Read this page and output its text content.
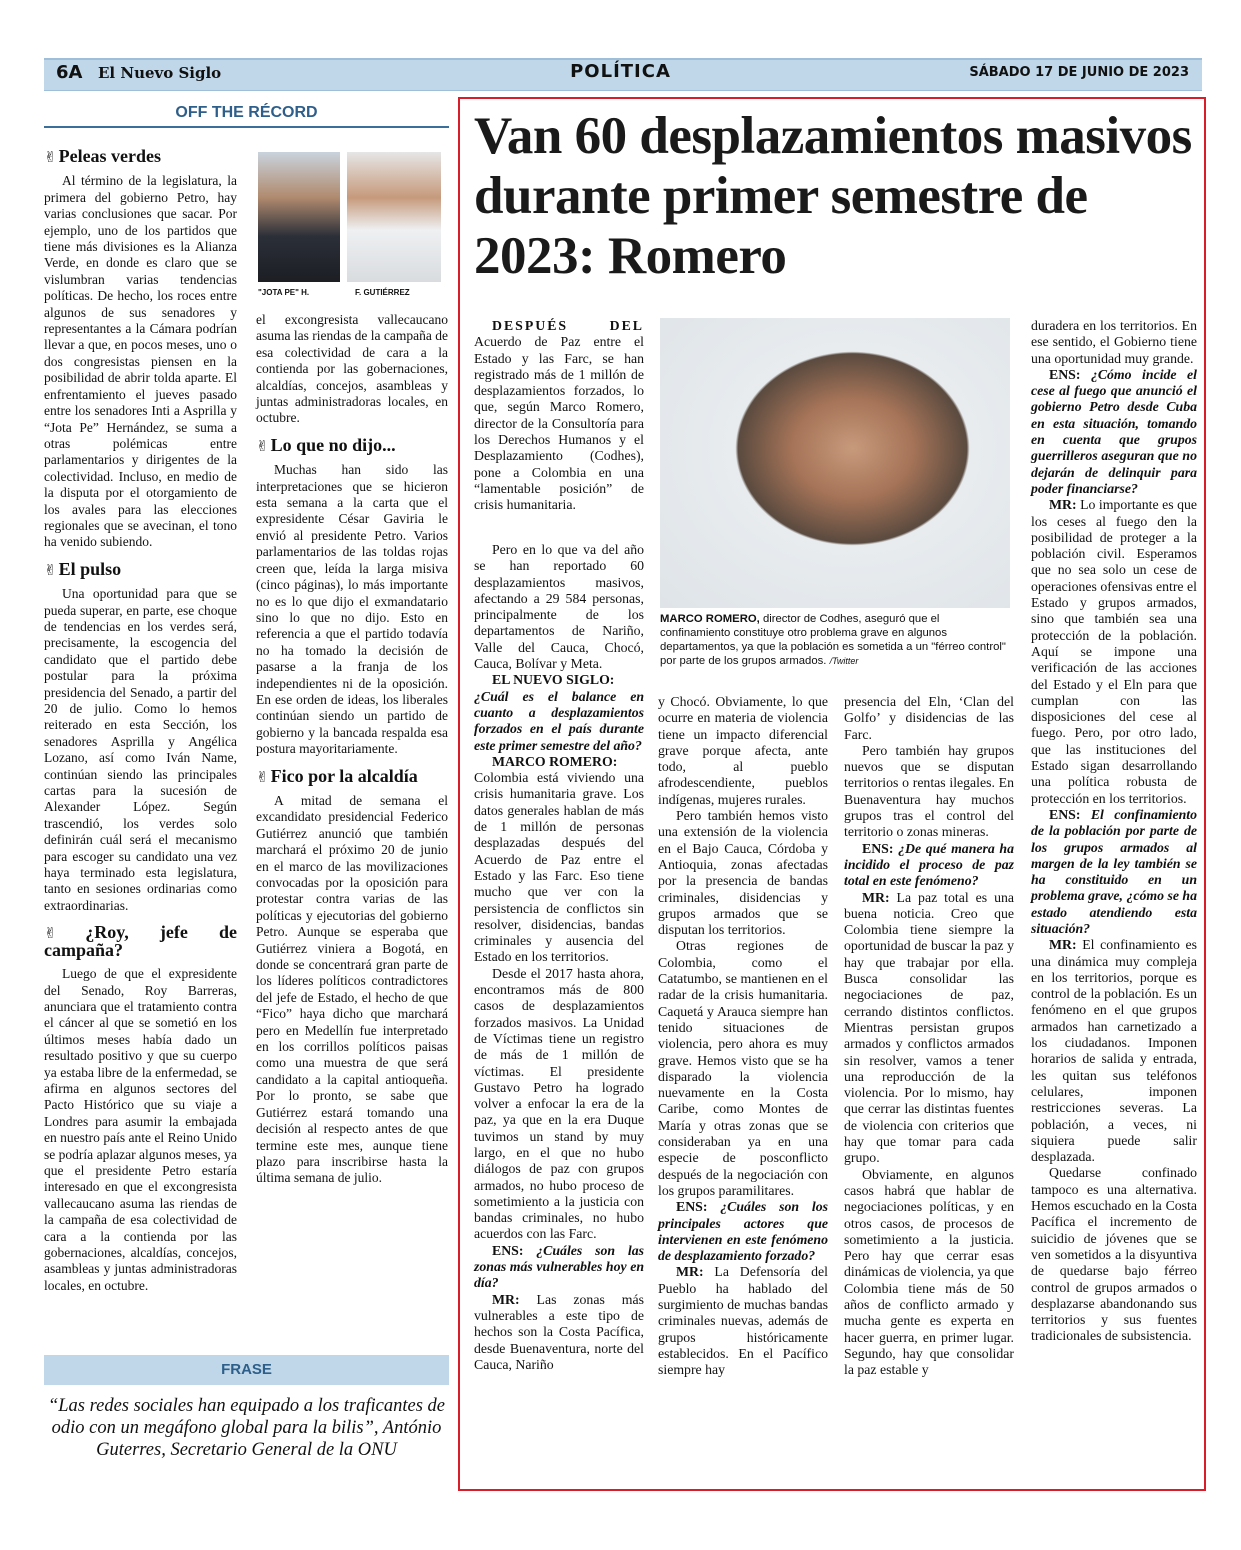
6A El Nuevo Siglo	POLÍTICA	SÁBADO 17 DE JUNIO DE 2023
OFF THE RÉCORD
"JOTA PE" H.	F. GUTIÉRREZ
✌ Peleas verdes

Al término de la legislatura, la primera del gobierno Petro, hay varias conclusiones que sacar. Por ejemplo, uno de los partidos que tiene más divisiones es la Alianza Verde, en donde es claro que se vislumbran varias tendencias políticas. De hecho, los roces entre algunos de sus senadores y representantes a la Cámara podrían llevar a que, en pocos meses, uno o dos congresistas piensen en la posibilidad de abrir tolda aparte. El enfrentamiento el jueves pasado entre los senadores Inti a Asprilla y “Jota Pe” Hernández, se suma a otras polémicas entre parlamentarios y dirigentes de la colectividad. Incluso, en medio de la disputa por el otorgamiento de los avales para las elecciones regionales que se avecinan, el tono ha venido subiendo.

✌ El pulso

Una oportunidad para que se pueda superar, en parte, ese choque de tendencias en los verdes será, precisamente, la escogencia del candidato que el partido debe postular para la próxima presidencia del Senado, a partir del 20 de julio. Como lo hemos reiterado en esta Sección, los senadores Asprilla y Angélica Lozano, así como Iván Name, continúan siendo las principales cartas para la sucesión de Alexander López. Según trascendió, los verdes solo definirán cuál será el mecanismo para escoger su candidato una vez haya terminado esta legislatura, tanto en sesiones ordinarias como extraordinarias.

✌ ¿Roy, jefe de campaña?

Luego de que el expresidente del Senado, Roy Barreras, anunciara que el tratamiento contra el cáncer al que se sometió en los últimos meses había dado un resultado positivo y que su cuerpo ya estaba libre de la enfermedad, se afirma en algunos sectores del Pacto Histórico que su viaje a Londres para asumir la embajada en nuestro país ante el Reino Unido se podría aplazar algunos meses, ya que el presidente Petro estaría interesado en que el excongresista vallecaucano asuma las riendas de la campaña de esa colectividad de cara a la contienda por las gobernaciones, alcaldías, concejos, asambleas y juntas administradoras locales, en octubre.

el excongresista vallecaucano asuma las riendas de la campaña de esa colectividad de cara a la contienda por las gobernaciones, alcaldías, concejos, asambleas y juntas administradoras locales, en octubre.

✌ Lo que no dijo...

Muchas han sido las interpretaciones que se hicieron esta semana a la carta que el expresidente César Gaviria le envió al presidente Petro. Varios parlamentarios de las toldas rojas creen que, leída la larga misiva (cinco páginas), lo más importante no es lo que dijo el exmandatario sino lo que no dijo. Esto en referencia a que el partido todavía no ha tomado la decisión de pasarse a la franja de los independientes ni de la oposición. En ese orden de ideas, los liberales continúan siendo un partido de gobierno y la bancada respalda esa postura mayoritariamente.

✌ Fico por la alcaldía

A mitad de semana el excandidato presidencial Federico Gutiérrez anunció que también marchará el próximo 20 de junio en el marco de las movilizaciones convocadas por la oposición para protestar contra varias de las políticas y ejecutorias del gobierno Petro. Aunque se esperaba que Gutiérrez viniera a Bogotá, en donde se concentrará gran parte de los líderes políticos contradictores del jefe de Estado, el hecho de que “Fico” haya dicho que marchará pero en Medellín fue interpretado en los corrillos políticos paisas como una muestra de que será candidato a la capital antioqueña. Por lo pronto, se sabe que Gutiérrez estará tomando una decisión al respecto antes de que termine este mes, aunque tiene plazo para inscribirse hasta la última semana de julio.

FRASE
“Las redes sociales han equipado a los traficantes de odio con un megáfono global para la bilis”, António Guterres, Secretario General de la ONU
Van 60 desplazamientos masivos durante primer semestre de 2023: Romero
MARCO ROMERO, director de Codhes, aseguró que el confinamiento constituye otro problema grave en algunos departamentos, ya que la población es sometida a un "férreo control" por parte de los grupos armados. /Twitter

DESPUÉS DEL Acuerdo de Paz entre el Estado y las Farc, se han registrado más de 1 millón de desplazamientos forzados, lo que, según Marco Romero, director de la Consultoría para los Derechos Humanos y el Desplazamiento (Codhes), pone a Colombia en una “lamentable posición” de crisis humanitaria.

Pero en lo que va del año se han reportado 60 desplazamientos masivos, afectando a 29 584 personas, principalmente de los departamentos de Nariño, Valle del Cauca, Chocó, Cauca, Bolívar y Meta.

EL NUEVO SIGLO:

¿Cuál es el balance en cuanto a desplazamientos forzados en el país durante este primer semestre del año?

MARCO ROMERO:

Colombia está viviendo una crisis humanitaria grave. Los datos generales hablan de más de 1 millón de personas desplazadas después del Acuerdo de Paz entre el Estado y las Farc. Eso tiene mucho que ver con la persistencia de conflictos sin resolver, disidencias, bandas criminales y ausencia del Estado en los territorios.

Desde el 2017 hasta ahora, encontramos más de 800 casos de desplazamientos forzados masivos. La Unidad de Víctimas tiene un registro de más de 1 millón de víctimas. El presidente Gustavo Petro ha logrado volver a enfocar la era de la paz, ya que en la era Duque tuvimos un stand by muy largo, en el que no hubo diálogos de paz con grupos armados, no hubo proceso de sometimiento a la justicia con bandas criminales, no hubo acuerdos con las Farc.

ENS: ¿Cuáles son las zonas más vulnerables hoy en día?

MR: Las zonas más vulnerables a este tipo de hechos son la Costa Pacífica, desde Buenaventura, norte del Cauca, Nariño

y Chocó. Obviamente, lo que ocurre en materia de violencia tiene un impacto diferencial grave porque afecta, ante todo, al pueblo afrodescendiente, pueblos indígenas, mujeres rurales.

Pero también hemos visto una extensión de la violencia en el Bajo Cauca, Córdoba y Antioquia, zonas afectadas por la presencia de bandas criminales, disidencias y grupos armados que se disputan los territorios.

Otras regiones de Colombia, como el Catatumbo, se mantienen en el radar de la crisis humanitaria. Caquetá y Arauca siempre han tenido situaciones de violencia, pero ahora es muy grave. Hemos visto que se ha disparado la violencia nuevamente en la Costa Caribe, como Montes de María y otras zonas que se consideraban ya en una especie de posconflicto después de la negociación con los grupos paramilitares.

ENS: ¿Cuáles son los principales actores que intervienen en este fenómeno de desplazamiento forzado?

MR: La Defensoría del Pueblo ha hablado del surgimiento de muchas bandas criminales nuevas, además de grupos históricamente establecidos. En el Pacífico siempre hay

presencia del Eln, ‘Clan del Golfo’ y disidencias de las Farc.

Pero también hay grupos nuevos que se disputan territorios o rentas ilegales. En Buenaventura hay muchos grupos tras el control del territorio o zonas mineras.

ENS: ¿De qué manera ha incidido el proceso de paz total en este fenómeno?

MR: La paz total es una buena noticia. Creo que Colombia tiene siempre la oportunidad de buscar la paz y hay que trabajar por ella. Busca consolidar las negociaciones de paz, cerrando distintos conflictos. Mientras persistan grupos armados y conflictos armados sin resolver, vamos a tener una reproducción de la violencia. Por lo mismo, hay que cerrar las distintas fuentes de violencia con criterios que hay que tomar para cada grupo.

Obviamente, en algunos casos habrá que hablar de negociaciones políticas, y en otros casos, de procesos de sometimiento a la justicia. Pero hay que cerrar esas dinámicas de violencia, ya que Colombia tiene más de 50 años de conflicto armado y mucha gente es experta en hacer guerra, en primer lugar. Segundo, hay que consolidar la paz estable y

duradera en los territorios. En ese sentido, el Gobierno tiene una oportunidad muy grande.

ENS: ¿Cómo incide el cese al fuego que anunció el gobierno Petro desde Cuba en esta situación, tomando en cuenta que grupos guerrilleros aseguran que no dejarán de delinquir para poder financiarse?

MR: Lo importante es que los ceses al fuego den la posibilidad de proteger a la población civil. Esperamos que no sea solo un cese de operaciones ofensivas entre el Estado y grupos armados, sino que también sea una protección de la población. Aquí se impone una verificación de las acciones del Estado y el Eln para que cumplan con las disposiciones del cese al fuego. Pero, por otro lado, que las instituciones del Estado sigan desarrollando una política robusta de protección en los territorios.

ENS: El confinamiento de la población por parte de los grupos armados al margen de la ley también se ha constituido en un problema grave, ¿cómo se ha estado atendiendo esta situación?

MR: El confinamiento es una dinámica muy compleja en los territorios, porque es control de la población. Es un fenómeno en el que grupos armados han carnetizado a los ciudadanos. Imponen horarios de salida y entrada, les quitan sus teléfonos celulares, imponen restricciones severas. La población, a veces, ni siquiera puede salir desplazada.

Quedarse confinado tampoco es una alternativa. Hemos escuchado en la Costa Pacífica el incremento de suicidio de jóvenes que se ven sometidos a la disyuntiva de quedarse bajo férreo control de grupos armados o desplazarse abandonando sus territorios y sus fuentes tradicionales de subsistencia.
